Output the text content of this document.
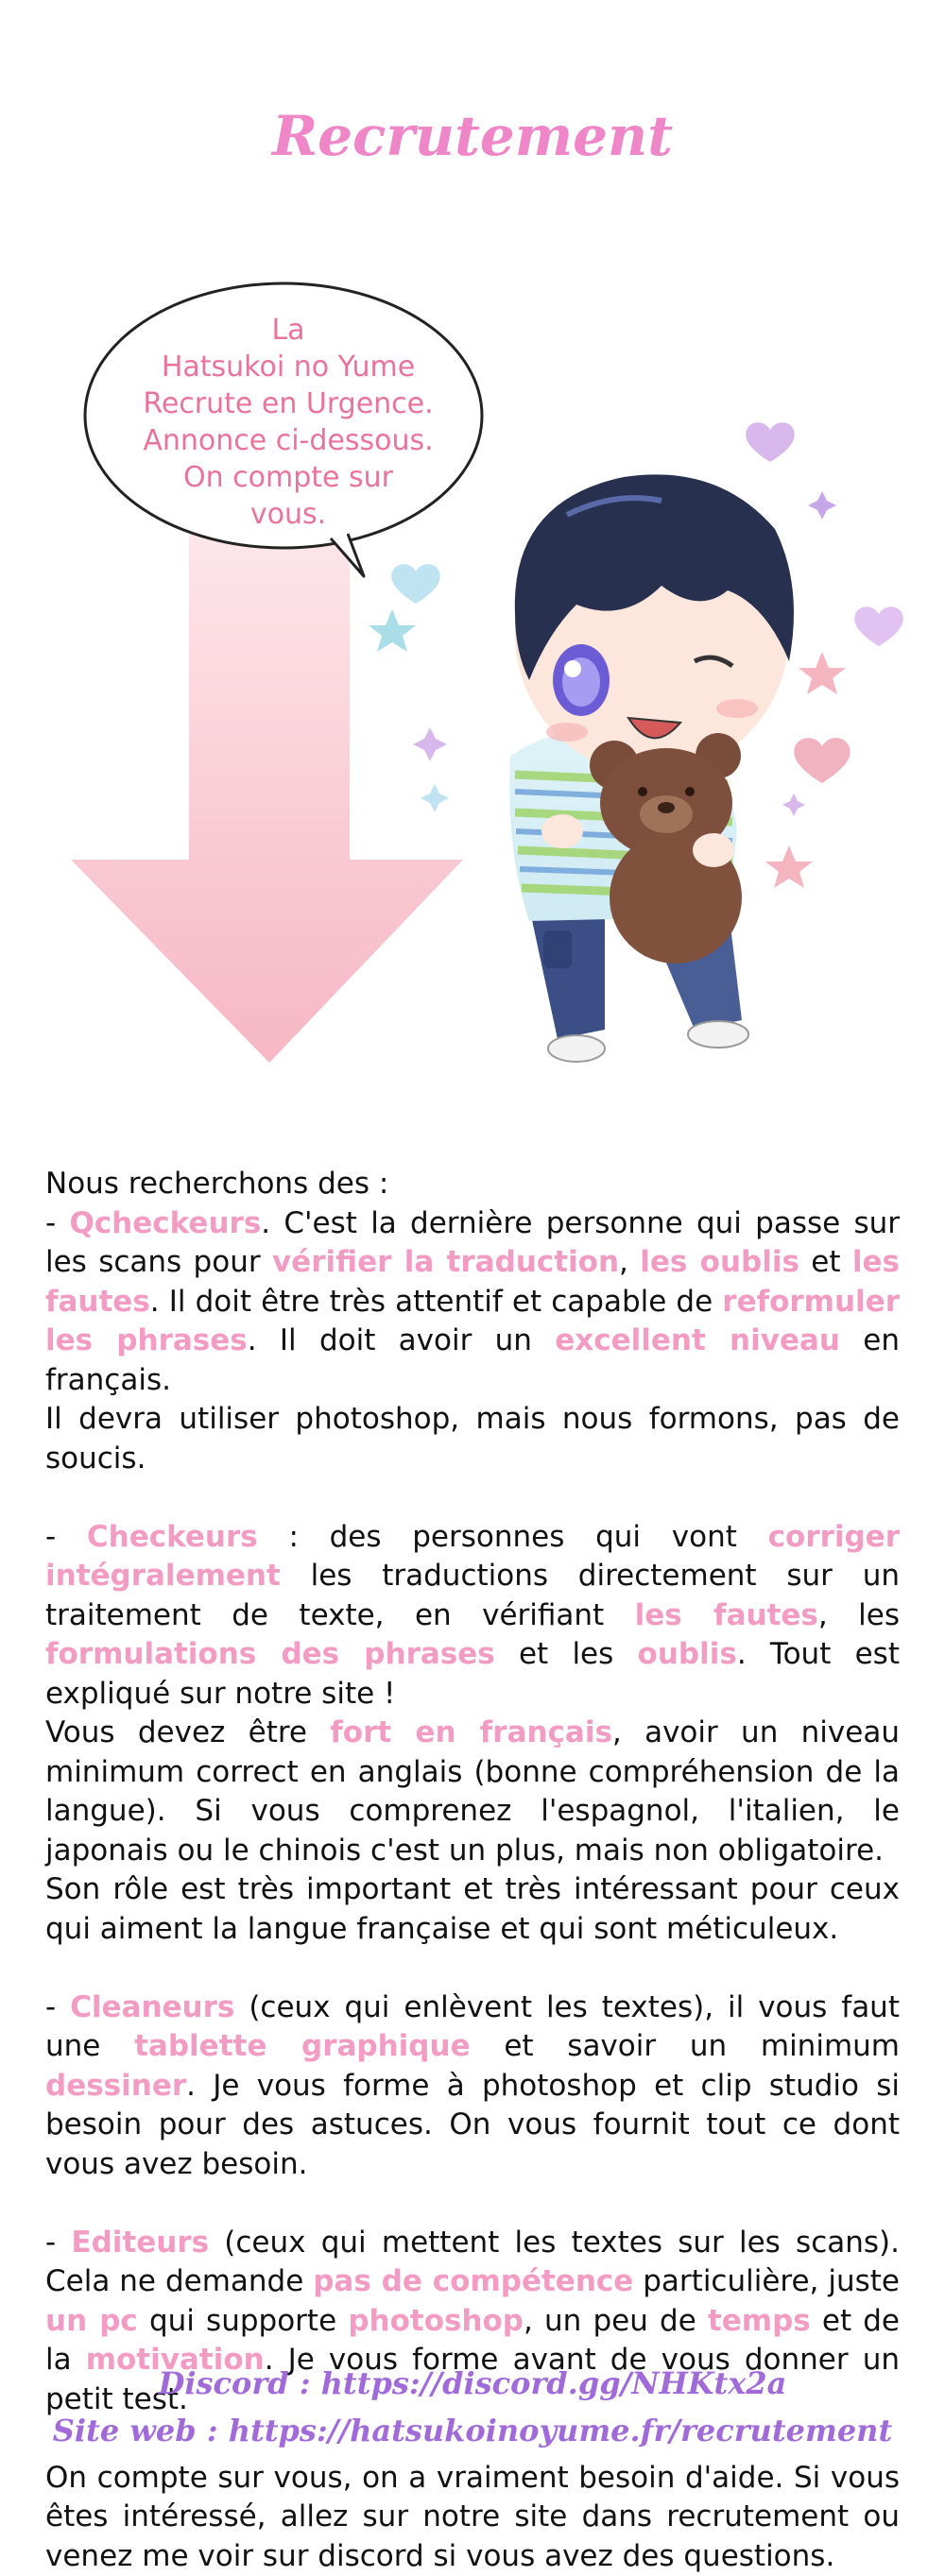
Recrutement
La
Hatsukoi no Yume
Recrute en Urgence.
Annonce ci-dessous.
On compte sur
vous.

Nous recherchons des :

- Qcheckeurs. C'est la dernière personne qui passe sur les scans pour vérifier la traduction, les oublis et les fautes. Il doit être très attentif et capable de reformuler les phrases. Il doit avoir un excellent niveau en français.
Il devra utiliser photoshop, mais nous formons, pas de soucis.

- Checkeurs : des personnes qui vont corriger intégralement les traductions directement sur un traitement de texte, en vérifiant les fautes, les formulations des phrases et les oublis. Tout est expliqué sur notre site !
Vous devez être fort en français, avoir un niveau minimum correct en anglais (bonne compréhension de la langue). Si vous comprenez l'espagnol, l'italien, le japonais ou le chinois c'est un plus, mais non obligatoire.
Son rôle est très important et très intéressant pour ceux qui aiment la langue française et qui sont méticuleux.

- Cleaneurs (ceux qui enlèvent les textes), il vous faut une tablette graphique et savoir un minimum dessiner. Je vous forme à photoshop et clip studio si besoin pour des astuces. On vous fournit tout ce dont vous avez besoin.

- Editeurs (ceux qui mettent les textes sur les scans). Cela ne demande pas de compétence particulière, juste un pc qui supporte photoshop, un peu de temps et de la motivation. Je vous forme avant de vous donner un petit test.

On compte sur vous, on a vraiment besoin d'aide. Si vous êtes intéressé, allez sur notre site dans recrutement ou venez me voir sur discord si vous avez des questions.

Discord : https://discord.gg/NHKtx2a
Site web : https://hatsukoinoyume.fr/recrutement
